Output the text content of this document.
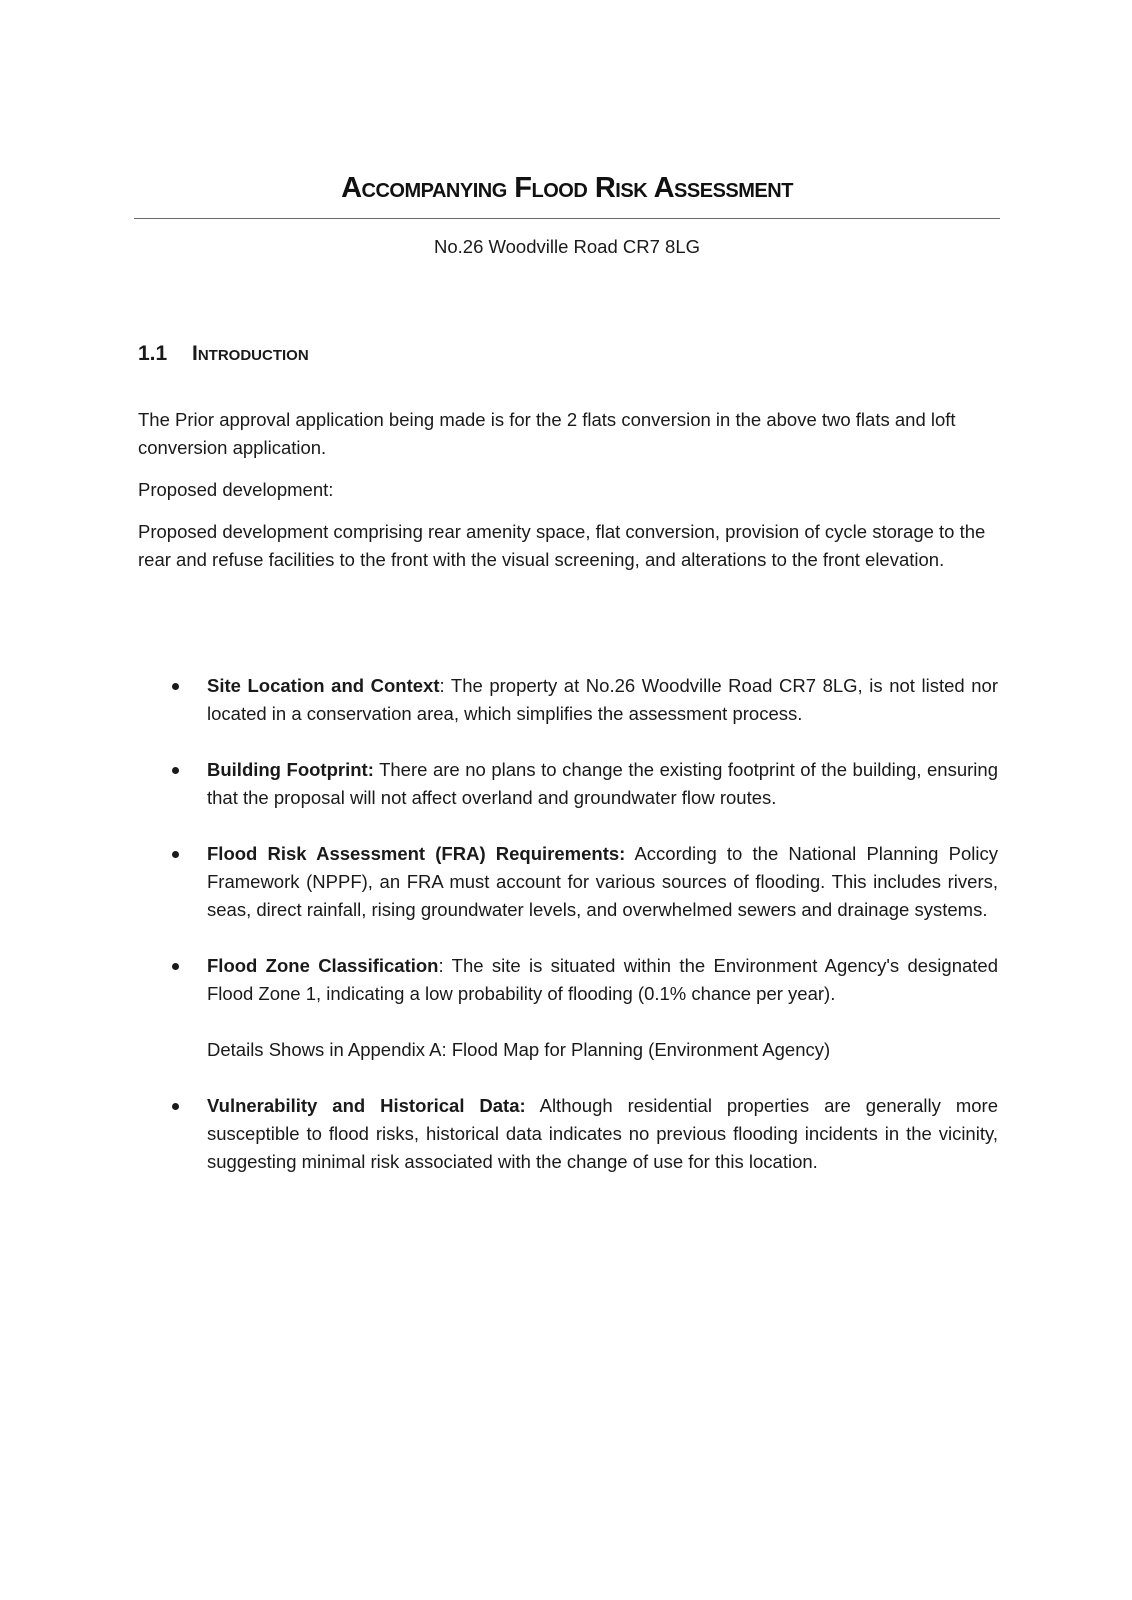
Accompanying Flood Risk Assessment

No.26 Woodville Road CR7 8LG

1.1	Introduction

The Prior approval application being made is for the 2 flats conversion in the above two flats and loft conversion application.

Proposed development:

Proposed development comprising rear amenity space, flat conversion, provision of cycle storage to the rear and refuse facilities to the front with the visual screening, and alterations to the front elevation.

Site Location and Context: The property at No.26 Woodville Road CR7 8LG, is not listed nor located in a conservation area, which simplifies the assessment process.
Building Footprint: There are no plans to change the existing footprint of the building, ensuring that the proposal will not affect overland and groundwater flow routes.
Flood Risk Assessment (FRA) Requirements: According to the National Planning Policy Framework (NPPF), an FRA must account for various sources of flooding. This includes rivers, seas, direct rainfall, rising groundwater levels, and overwhelmed sewers and drainage systems.
Flood Zone Classification: The site is situated within the Environment Agency's designated Flood Zone 1, indicating a low probability of flooding (0.1% chance per year).

Details Shows in Appendix A: Flood Map for Planning (Environment Agency)

Vulnerability and Historical Data: Although residential properties are generally more susceptible to flood risks, historical data indicates no previous flooding incidents in the vicinity, suggesting minimal risk associated with the change of use for this location.
